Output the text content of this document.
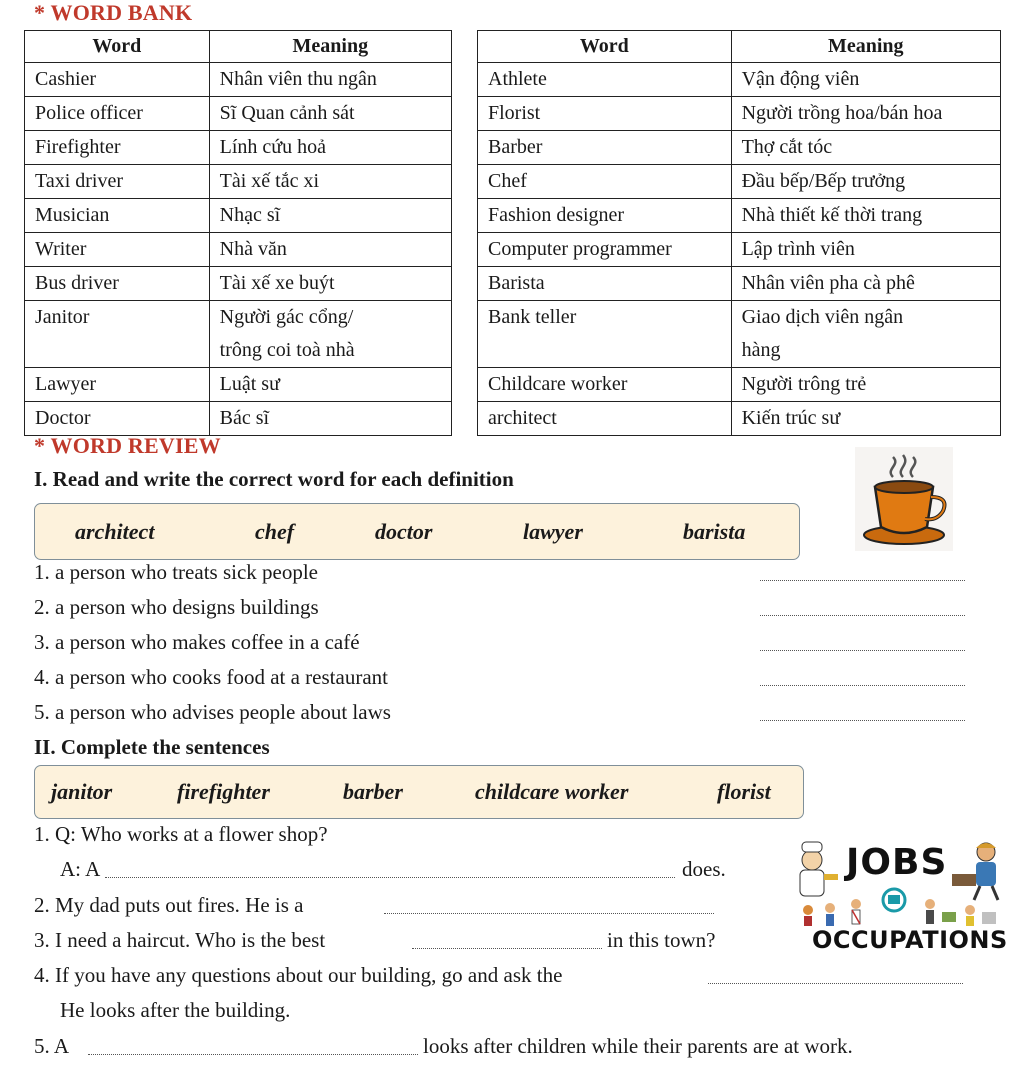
* WORD BANK
Word	Meaning
Cashier	Nhân viên thu ngân
Police officer	Sĩ Quan cảnh sát
Firefighter	Lính cứu hoả
Taxi driver	Tài xế tắc xi
Musician	Nhạc sĩ
Writer	Nhà văn
Bus driver	Tài xế xe buýt
Janitor	Người gác cổng/
trông coi toà nhà
Lawyer	Luật sư
Doctor	Bác sĩ
Word	Meaning
Athlete	Vận động viên
Florist	Người trồng hoa/bán hoa
Barber	Thợ cắt tóc
Chef	Đầu bếp/Bếp trưởng
Fashion designer	Nhà thiết kế thời trang
Computer programmer	Lập trình viên
Barista	Nhân viên pha cà phê
Bank teller	Giao dịch viên ngân
hàng
Childcare worker	Người trông trẻ
architect	Kiến trúc sư
* WORD REVIEW
I. Read and write the correct word for each definition
architect	chef	doctor	lawyer	barista
1. a person who treats sick people
2. a person who designs buildings
3. a person who makes coffee in a café
4. a person who cooks food at a restaurant
5. a person who advises people about laws
II. Complete the sentences
janitor	firefighter	barber	childcare worker	florist
1. Q: Who works at a flower shop?
A: A	does.
2. My dad puts out fires. He is a
3. I need a haircut. Who is the best	in this town?
4. If you have any questions about our building, go and ask the
He looks after the building.
5. A	looks after children while their parents are at work.
JOBS
OCCUPATIONS
